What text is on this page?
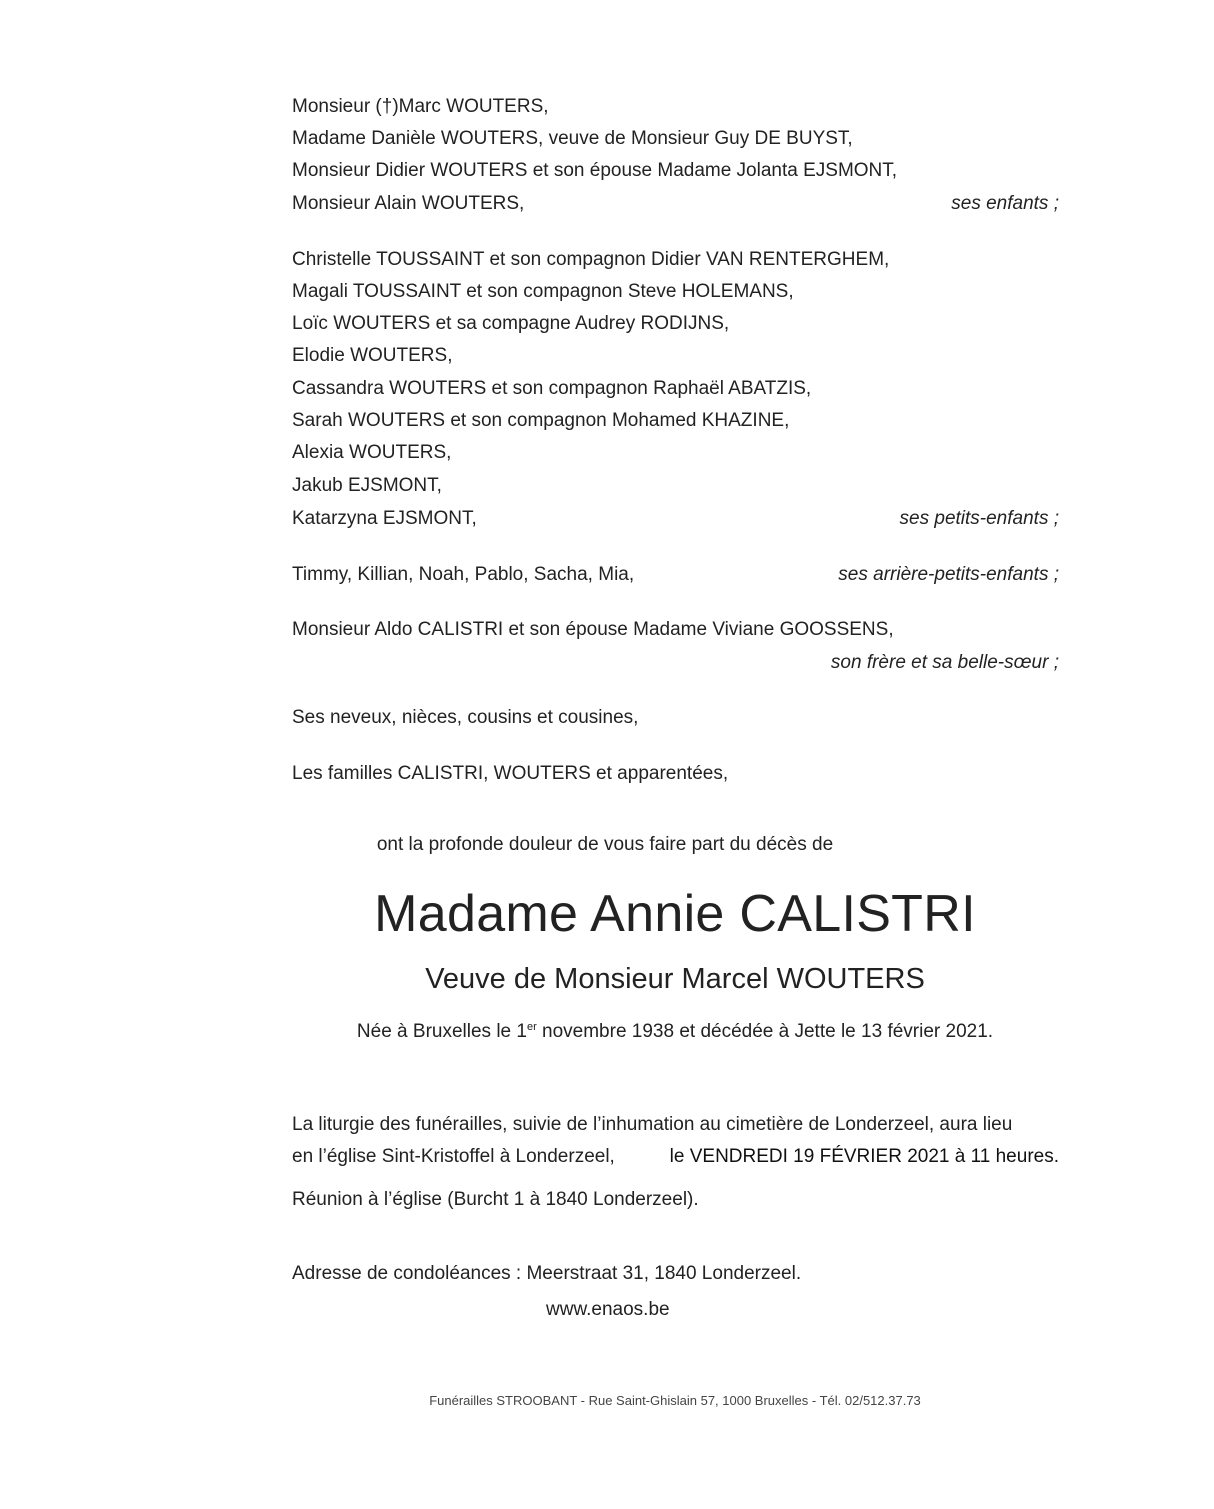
Monsieur (†)Marc WOUTERS,
Madame Danièle WOUTERS, veuve de Monsieur Guy DE BUYST,
Monsieur Didier WOUTERS et son épouse Madame Jolanta EJSMONT,
Monsieur Alain WOUTERS,	ses enfants ;
Christelle TOUSSAINT et son compagnon Didier VAN RENTERGHEM,
Magali TOUSSAINT et son compagnon Steve HOLEMANS,
Loïc WOUTERS et sa compagne Audrey RODIJNS,
Elodie WOUTERS,
Cassandra WOUTERS et son compagnon Raphaël ABATZIS,
Sarah WOUTERS et son compagnon Mohamed KHAZINE,
Alexia WOUTERS,
Jakub EJSMONT,
Katarzyna EJSMONT,	ses petits-enfants ;
Timmy, Killian, Noah, Pablo, Sacha, Mia,	ses arrière-petits-enfants ;
Monsieur Aldo CALISTRI et son épouse Madame Viviane GOOSSENS,
son frère et sa belle-sœur ;
Ses neveux, nièces, cousins et cousines,
Les familles CALISTRI, WOUTERS et apparentées,
ont la profonde douleur de vous faire part du décès de
Madame Annie CALISTRI
Veuve de Monsieur Marcel WOUTERS
Née à Bruxelles le 1er novembre 1938 et décédée à Jette le 13 février 2021.
La liturgie des funérailles, suivie de l’inhumation au cimetière de Londerzeel, aura lieu
en l’église Sint-Kristoffel à Londerzeel,	le VENDREDI 19 FÉVRIER 2021 à 11 heures.
Réunion à l’église (Burcht 1 à 1840 Londerzeel).
Adresse de condoléances : Meerstraat 31, 1840 Londerzeel.
www.enaos.be
Funérailles STROOBANT - Rue Saint-Ghislain 57, 1000 Bruxelles - Tél. 02/512.37.73
